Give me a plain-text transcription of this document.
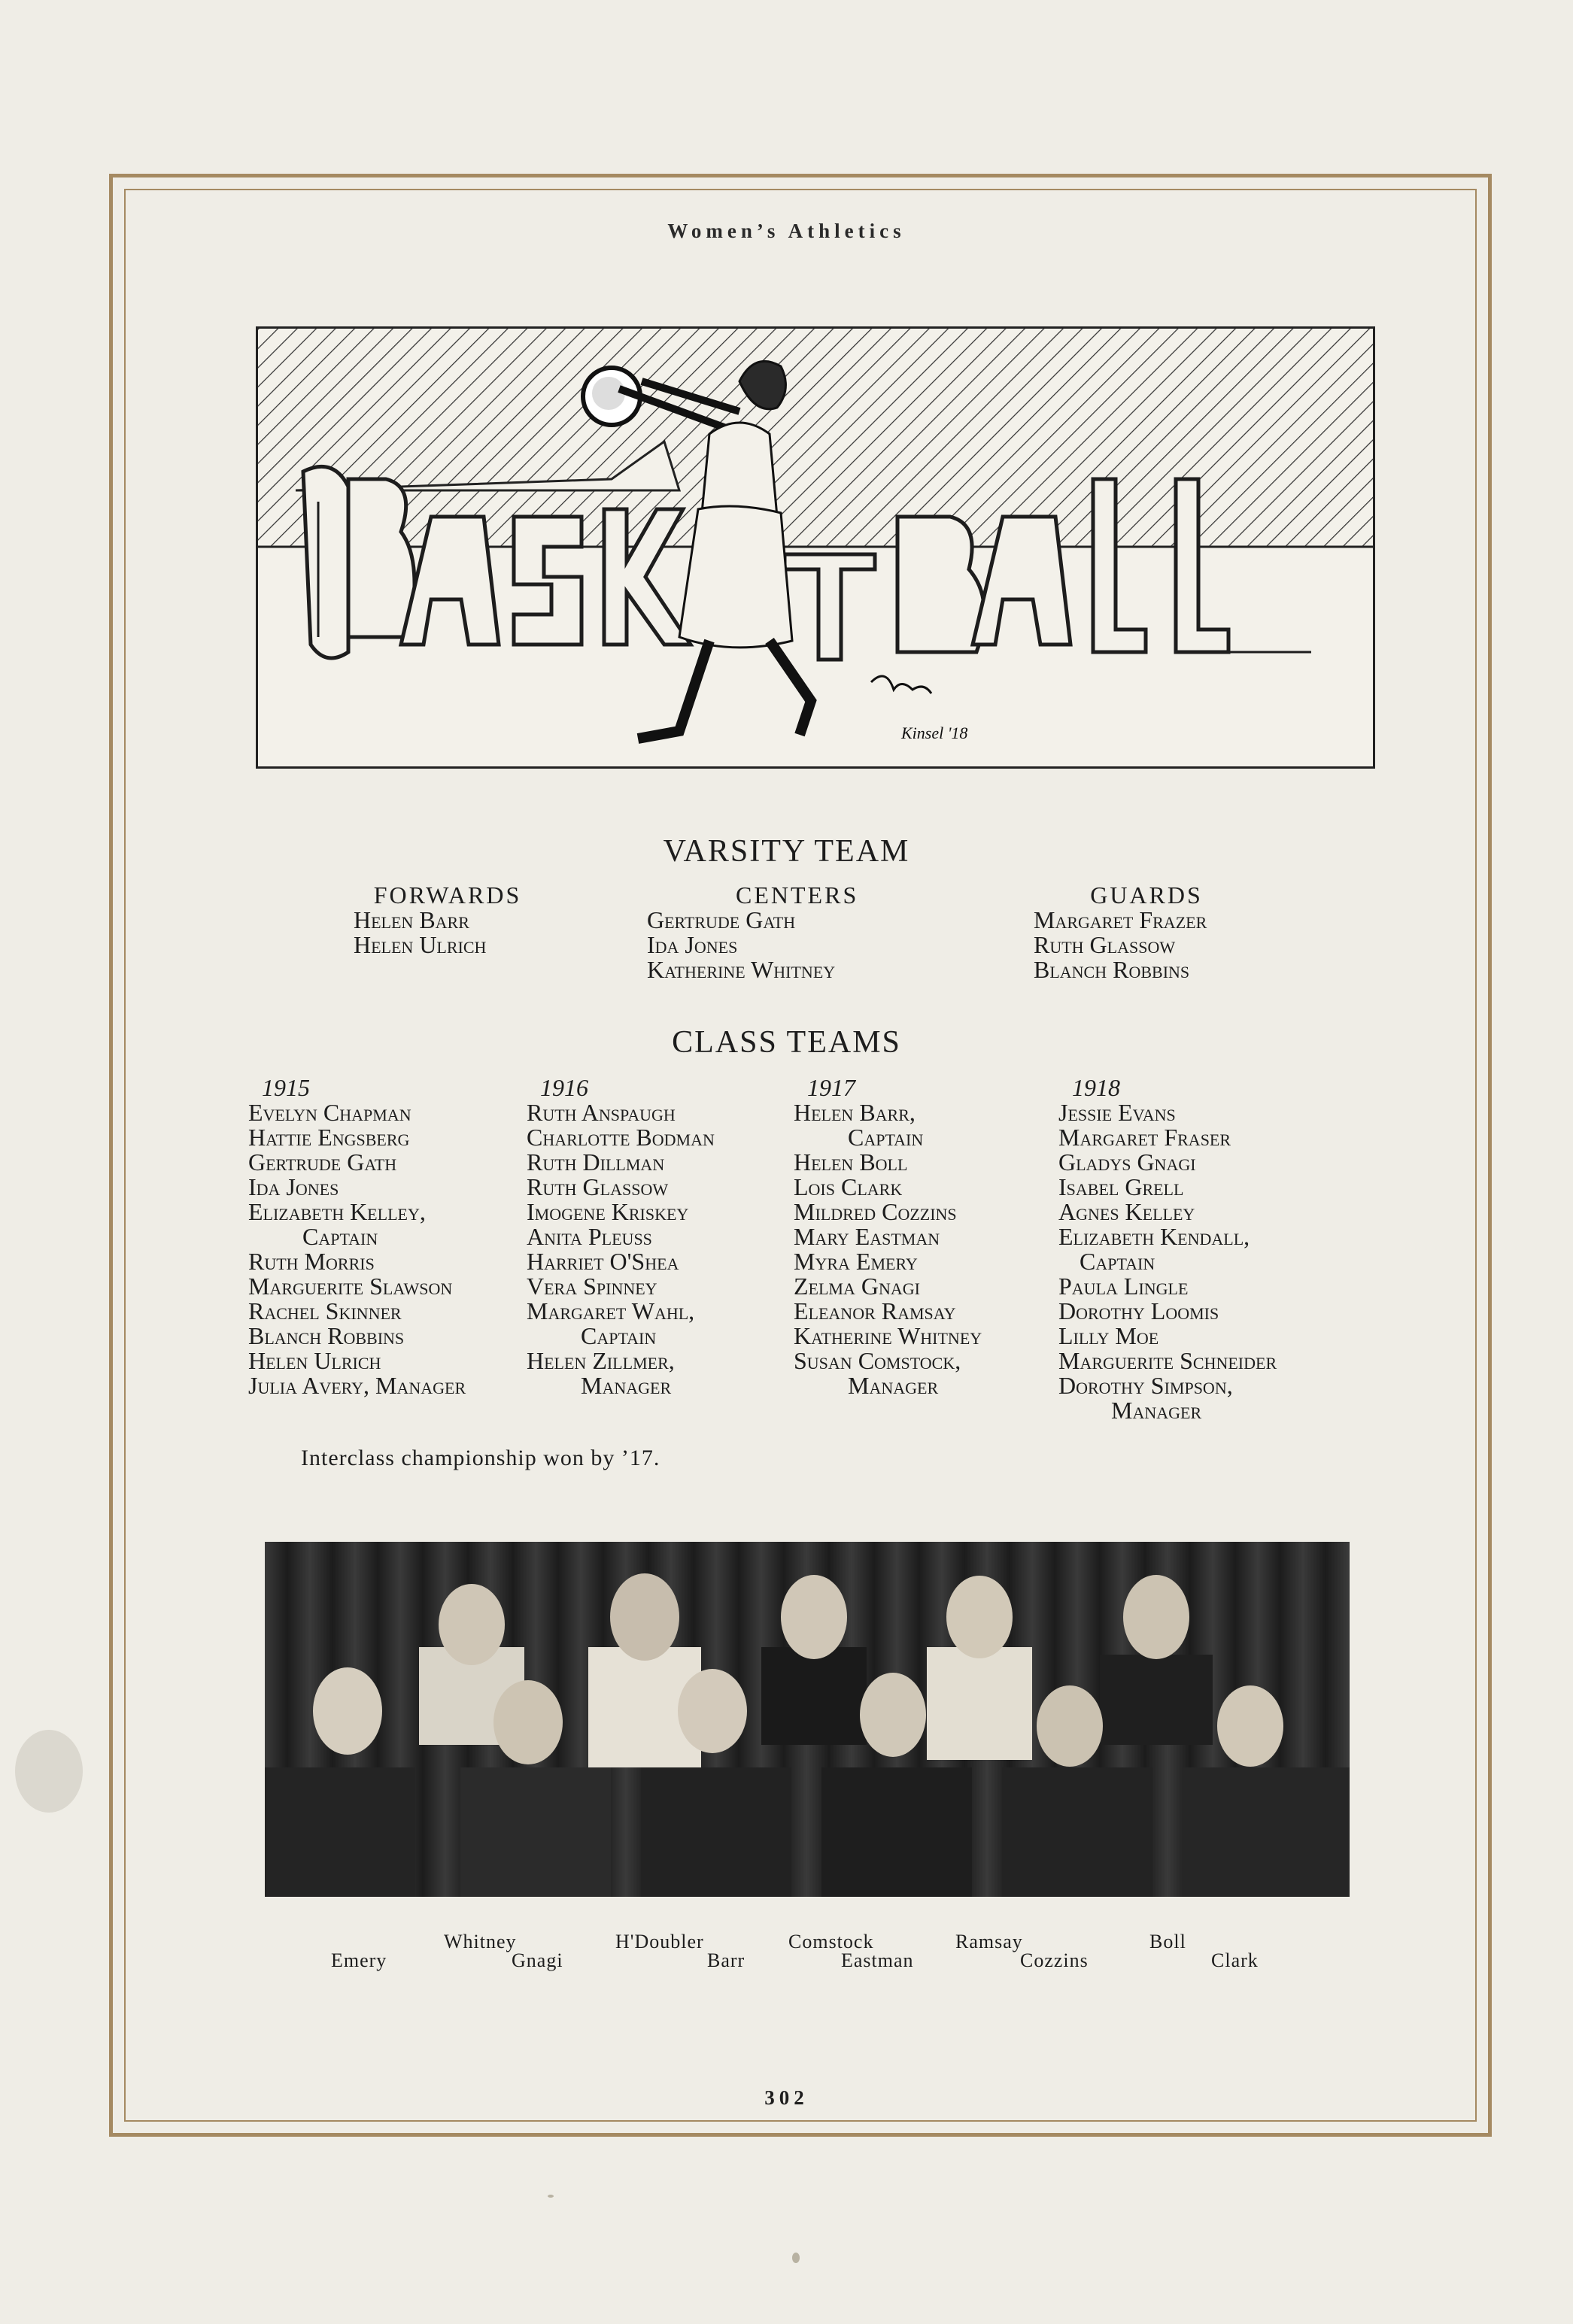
Women’s Athletics
Kinsel '18
VARSITY TEAM
FORWARDS
Helen Barr
Helen Ulrich
CENTERS
Gertrude Gath
Ida Jones
Katherine Whitney
GUARDS
Margaret Frazer
Ruth Glassow
Blanch Robbins
CLASS TEAMS
1915
Evelyn Chapman
Hattie Engsberg
Gertrude Gath
Ida Jones
Elizabeth Kelley,
Captain
Ruth Morris
Marguerite Slawson
Rachel Skinner
Blanch Robbins
Helen Ulrich
Julia Avery, Manager
1916
Ruth Anspaugh
Charlotte Bodman
Ruth Dillman
Ruth Glassow
Imogene Kriskey
Anita Pleuss
Harriet O'Shea
Vera Spinney
Margaret Wahl,
Captain
Helen Zillmer,
Manager
1917
Helen Barr,
Captain
Helen Boll
Lois Clark
Mildred Cozzins
Mary Eastman
Myra Emery
Zelma Gnagi
Eleanor Ramsay
Katherine Whitney
Susan Comstock,
Manager
1918
Jessie Evans
Margaret Fraser
Gladys Gnagi
Isabel Grell
Agnes Kelley
Elizabeth Kendall,
Captain
Paula Lingle
Dorothy Loomis
Lilly Moe
Marguerite Schneider
Dorothy Simpson,
Manager
Interclass championship won by ’17.
Whitney	H'Doubler	Comstock	Ramsay	Boll
Emery	Gnagi	Barr	Eastman	Cozzins	Clark
302
